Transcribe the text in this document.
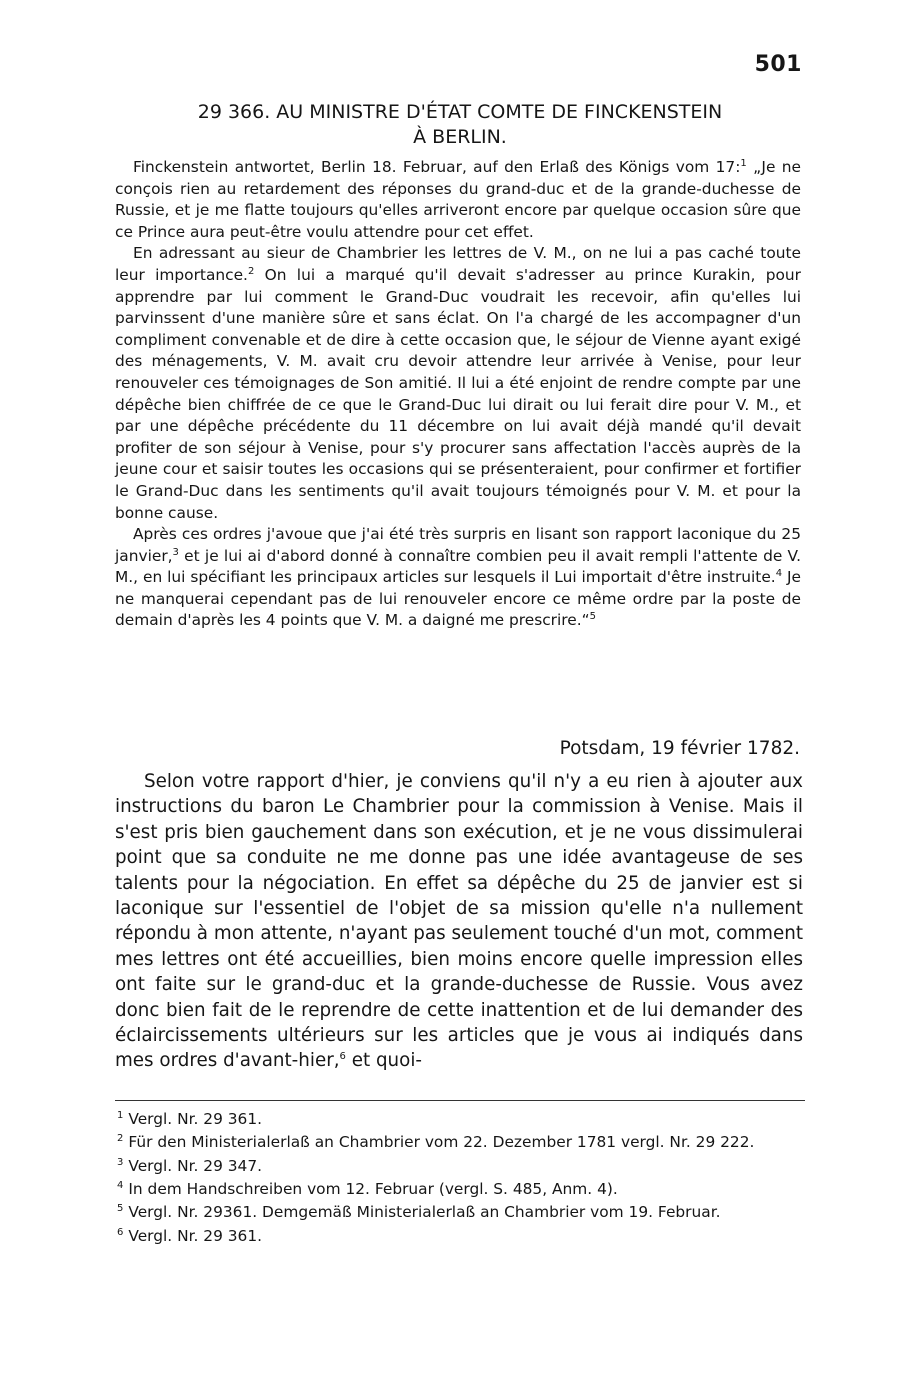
501
29 366. AU MINISTRE D'ÉTAT COMTE DE FINCKENSTEIN
À BERLIN.

Finckenstein antwortet, Berlin 18. Februar, auf den Erlaß des Königs vom 17:$^1$ „Je ne conçois rien au retardement des réponses du grand-duc et de la grande-duchesse de Russie, et je me flatte toujours qu'elles arriveront encore par quelque occasion sûre que ce Prince aura peut-être voulu attendre pour cet effet.

En adressant au sieur de Chambrier les lettres de V. M., on ne lui a pas caché toute leur importance.$^2$ On lui a marqué qu'il devait s'adresser au prince Kurakin, pour apprendre par lui comment le Grand-Duc voudrait les recevoir, afin qu'elles lui parvinssent d'une manière sûre et sans éclat. On l'a chargé de les accompagner d'un compliment convenable et de dire à cette occasion que, le séjour de Vienne ayant exigé des ménagements, V. M. avait cru devoir attendre leur arrivée à Venise, pour leur renouveler ces témoignages de Son amitié. Il lui a été enjoint de rendre compte par une dépêche bien chiffrée de ce que le Grand-Duc lui dirait ou lui ferait dire pour V. M., et par une dépêche précédente du 11 décembre on lui avait déjà mandé qu'il devait profiter de son séjour à Venise, pour s'y procurer sans affectation l'accès auprès de la jeune cour et saisir toutes les occasions qui se présenteraient, pour confirmer et fortifier le Grand-Duc dans les sentiments qu'il avait toujours témoignés pour V. M. et pour la bonne cause.

Après ces ordres j'avoue que j'ai été très surpris en lisant son rapport laconique du 25 janvier,$^3$ et je lui ai d'abord donné à connaître combien peu il avait rempli l'attente de V. M., en lui spécifiant les principaux articles sur lesquels il Lui importait d'être instruite.$^4$ Je ne manquerai cependant pas de lui renouveler encore ce même ordre par la poste de demain d'après les 4 points que V. M. a daigné me prescrire.“$^5$

Potsdam, 19 février 1782.

Selon votre rapport d'hier, je conviens qu'il n'y a eu rien à ajouter aux instructions du baron Le Chambrier pour la commission à Venise. Mais il s'est pris bien gauchement dans son exécution, et je ne vous dissimulerai point que sa conduite ne me donne pas une idée avantageuse de ses talents pour la négociation. En effet sa dépêche du 25 de janvier est si laconique sur l'essentiel de l'objet de sa mission qu'elle n'a nullement répondu à mon attente, n'ayant pas seulement touché d'un mot, comment mes lettres ont été accueillies, bien moins encore quelle impression elles ont faite sur le grand-duc et la grande-duchesse de Russie. Vous avez donc bien fait de le reprendre de cette inattention et de lui demander des éclaircissements ultérieurs sur les articles que je vous ai indiqués dans mes ordres d'avant-hier,$^6$ et quoi-

$^1$ Vergl. Nr. 29 361.

$^2$ Für den Ministerialerlaß an Chambrier vom 22. Dezember 1781 vergl. Nr. 29 222.

$^3$ Vergl. Nr. 29 347.

$^4$ In dem Handschreiben vom 12. Februar (vergl. S. 485, Anm. 4).

$^5$ Vergl. Nr. 29361. Demgemäß Ministerialerlaß an Chambrier vom 19. Februar.

$^6$ Vergl. Nr. 29 361.
